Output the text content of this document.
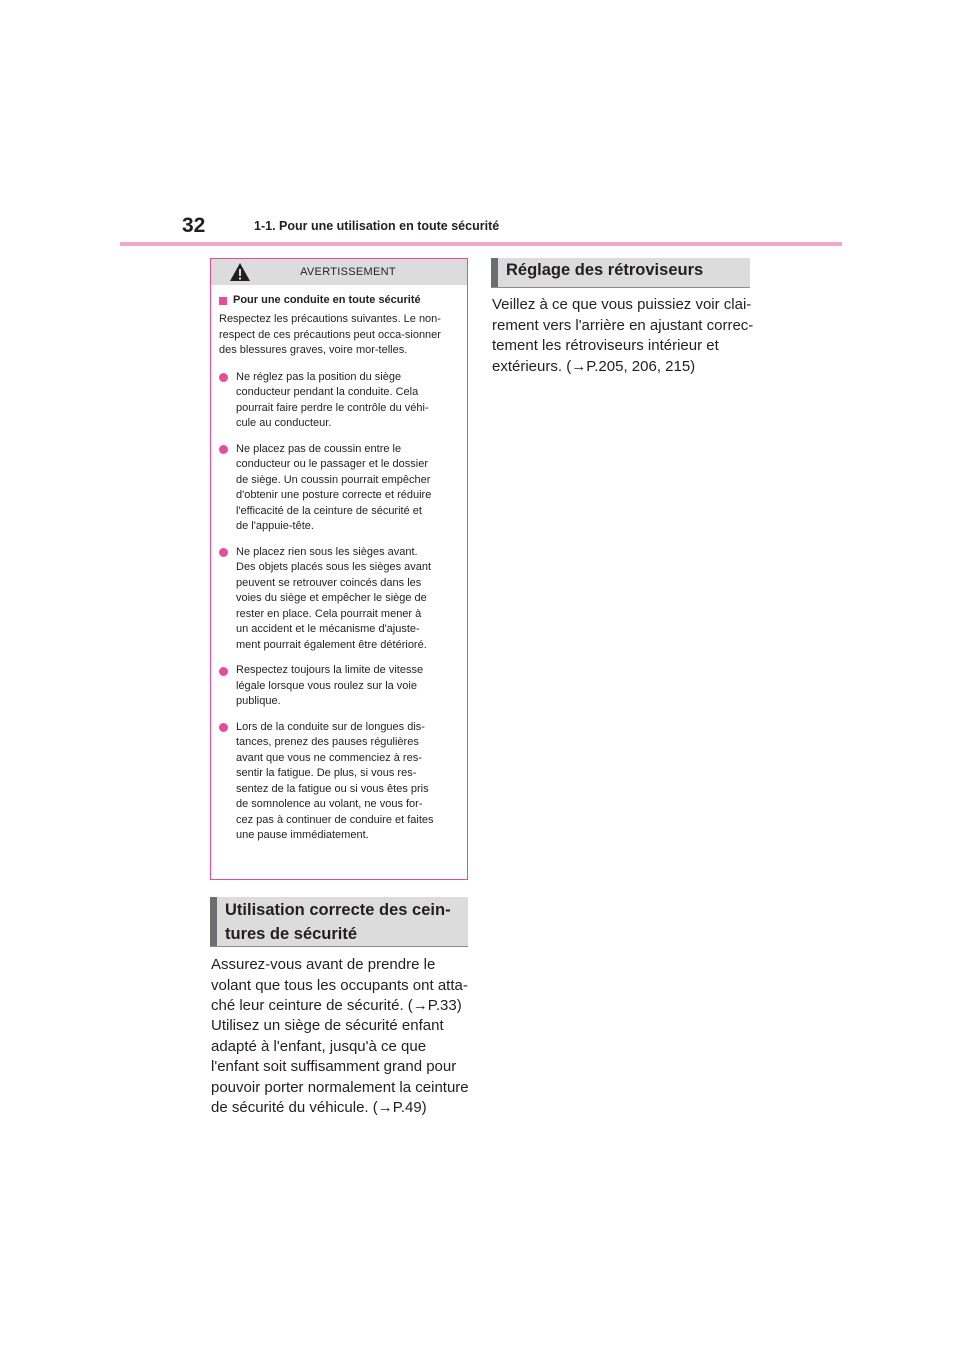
32	1-1. Pour une utilisation en toute sécurité
AVERTISSEMENT
Pour une conduite en toute sécurité
Respectez les précautions suivantes. Le non-respect de ces précautions peut occa-sionner des blessures graves, voire mor-telles.
Ne réglez pas la position du siège
conducteur pendant la conduite. Cela
pourrait faire perdre le contrôle du véhi-
cule au conducteur.
Ne placez pas de coussin entre le
conducteur ou le passager et le dossier
de siège. Un coussin pourrait empêcher
d'obtenir une posture correcte et réduire
l'efficacité de la ceinture de sécurité et
de l'appuie-tête.
Ne placez rien sous les sièges avant.
Des objets placés sous les sièges avant
peuvent se retrouver coincés dans les
voies du siège et empêcher le siège de
rester en place. Cela pourrait mener à
un accident et le mécanisme d'ajuste-
ment pourrait également être détérioré.
Respectez toujours la limite de vitesse
légale lorsque vous roulez sur la voie
publique.
Lors de la conduite sur de longues dis-
tances, prenez des pauses régulières
avant que vous ne commenciez à res-
sentir la fatigue. De plus, si vous res-
sentez de la fatigue ou si vous êtes pris
de somnolence au volant, ne vous for-
cez pas à continuer de conduire et faites
une pause immédiatement.
Utilisation correcte des cein-
tures de sécurité
Assurez-vous avant de prendre le
volant que tous les occupants ont atta-
ché leur ceinture de sécurité. (→P.33)
Utilisez un siège de sécurité enfant
adapté à l'enfant, jusqu'à ce que
l'enfant soit suffisamment grand pour
pouvoir porter normalement la ceinture
de sécurité du véhicule. (→P.49)
Réglage des rétroviseurs
Veillez à ce que vous puissiez voir clai-
rement vers l'arrière en ajustant correc-
tement les rétroviseurs intérieur et
extérieurs. (→P.205, 206, 215)
